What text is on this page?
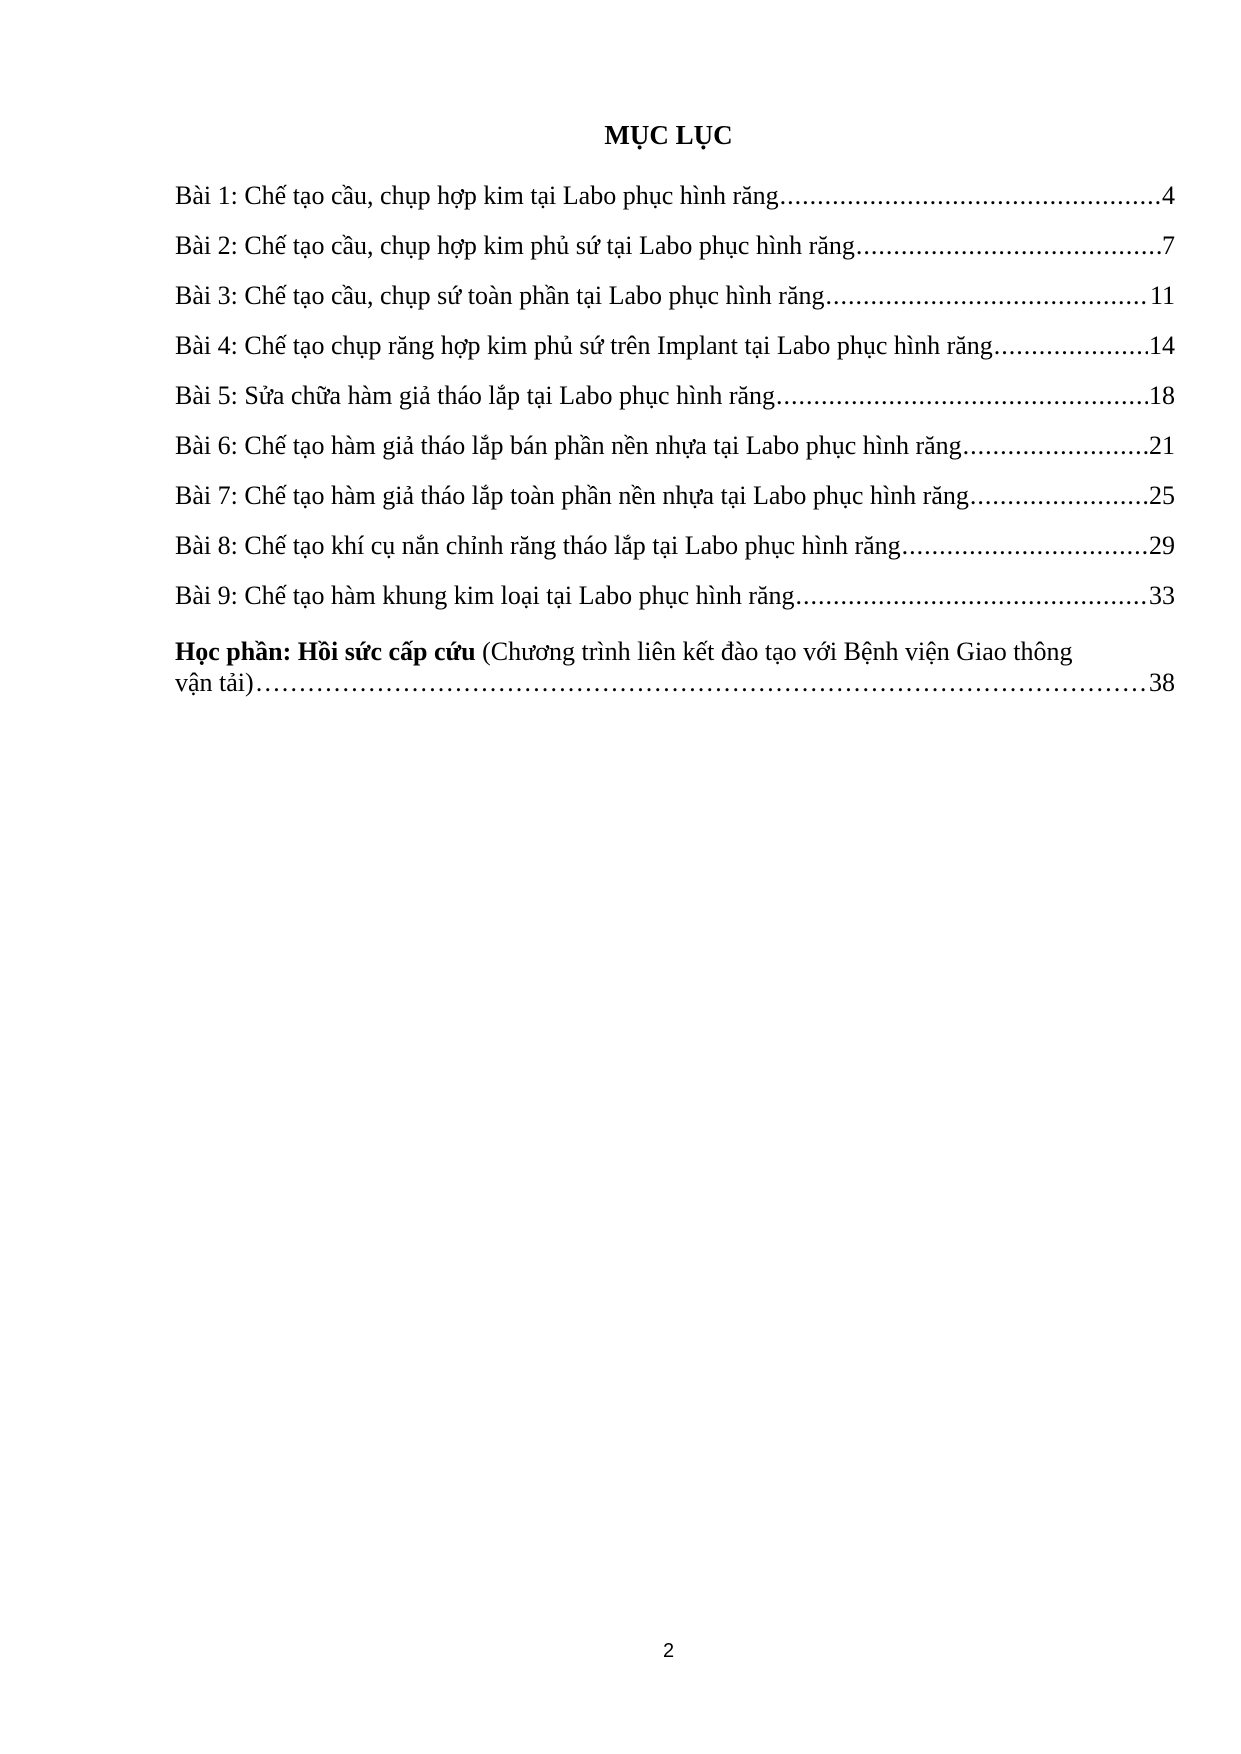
MỤC LỤC
Bài 1: Chế tạo cầu, chụp hợp kim tại Labo phục hình răng .....	4
Bài 2: Chế tạo cầu, chụp hợp kim phủ sứ tại Labo phục hình răng .....	7
Bài 3: Chế tạo cầu, chụp sứ toàn phần tại Labo phục hình răng .....	11
Bài 4: Chế tạo chụp răng hợp kim phủ sứ trên Implant tại Labo phục hình răng .....	14
Bài 5: Sửa chữa hàm giả tháo lắp tại Labo phục hình răng .....	18
Bài 6: Chế tạo hàm giả tháo lắp bán phần nền nhựa tại Labo phục hình răng .....	21
Bài 7: Chế tạo hàm giả tháo lắp toàn phần nền nhựa tại Labo phục hình răng .....	25
Bài 8: Chế tạo khí cụ nắn chỉnh răng tháo lắp tại Labo phục hình răng .....	29
Bài 9: Chế tạo hàm khung kim loại tại Labo phục hình răng .....	33
Học phần: Hồi sức cấp cứu (Chương trình liên kết đào tạo với Bệnh viện Giao thông
vận tải) ……………………………………………………………………………………………………………………………………………………………………………………………………………………………	38
2
